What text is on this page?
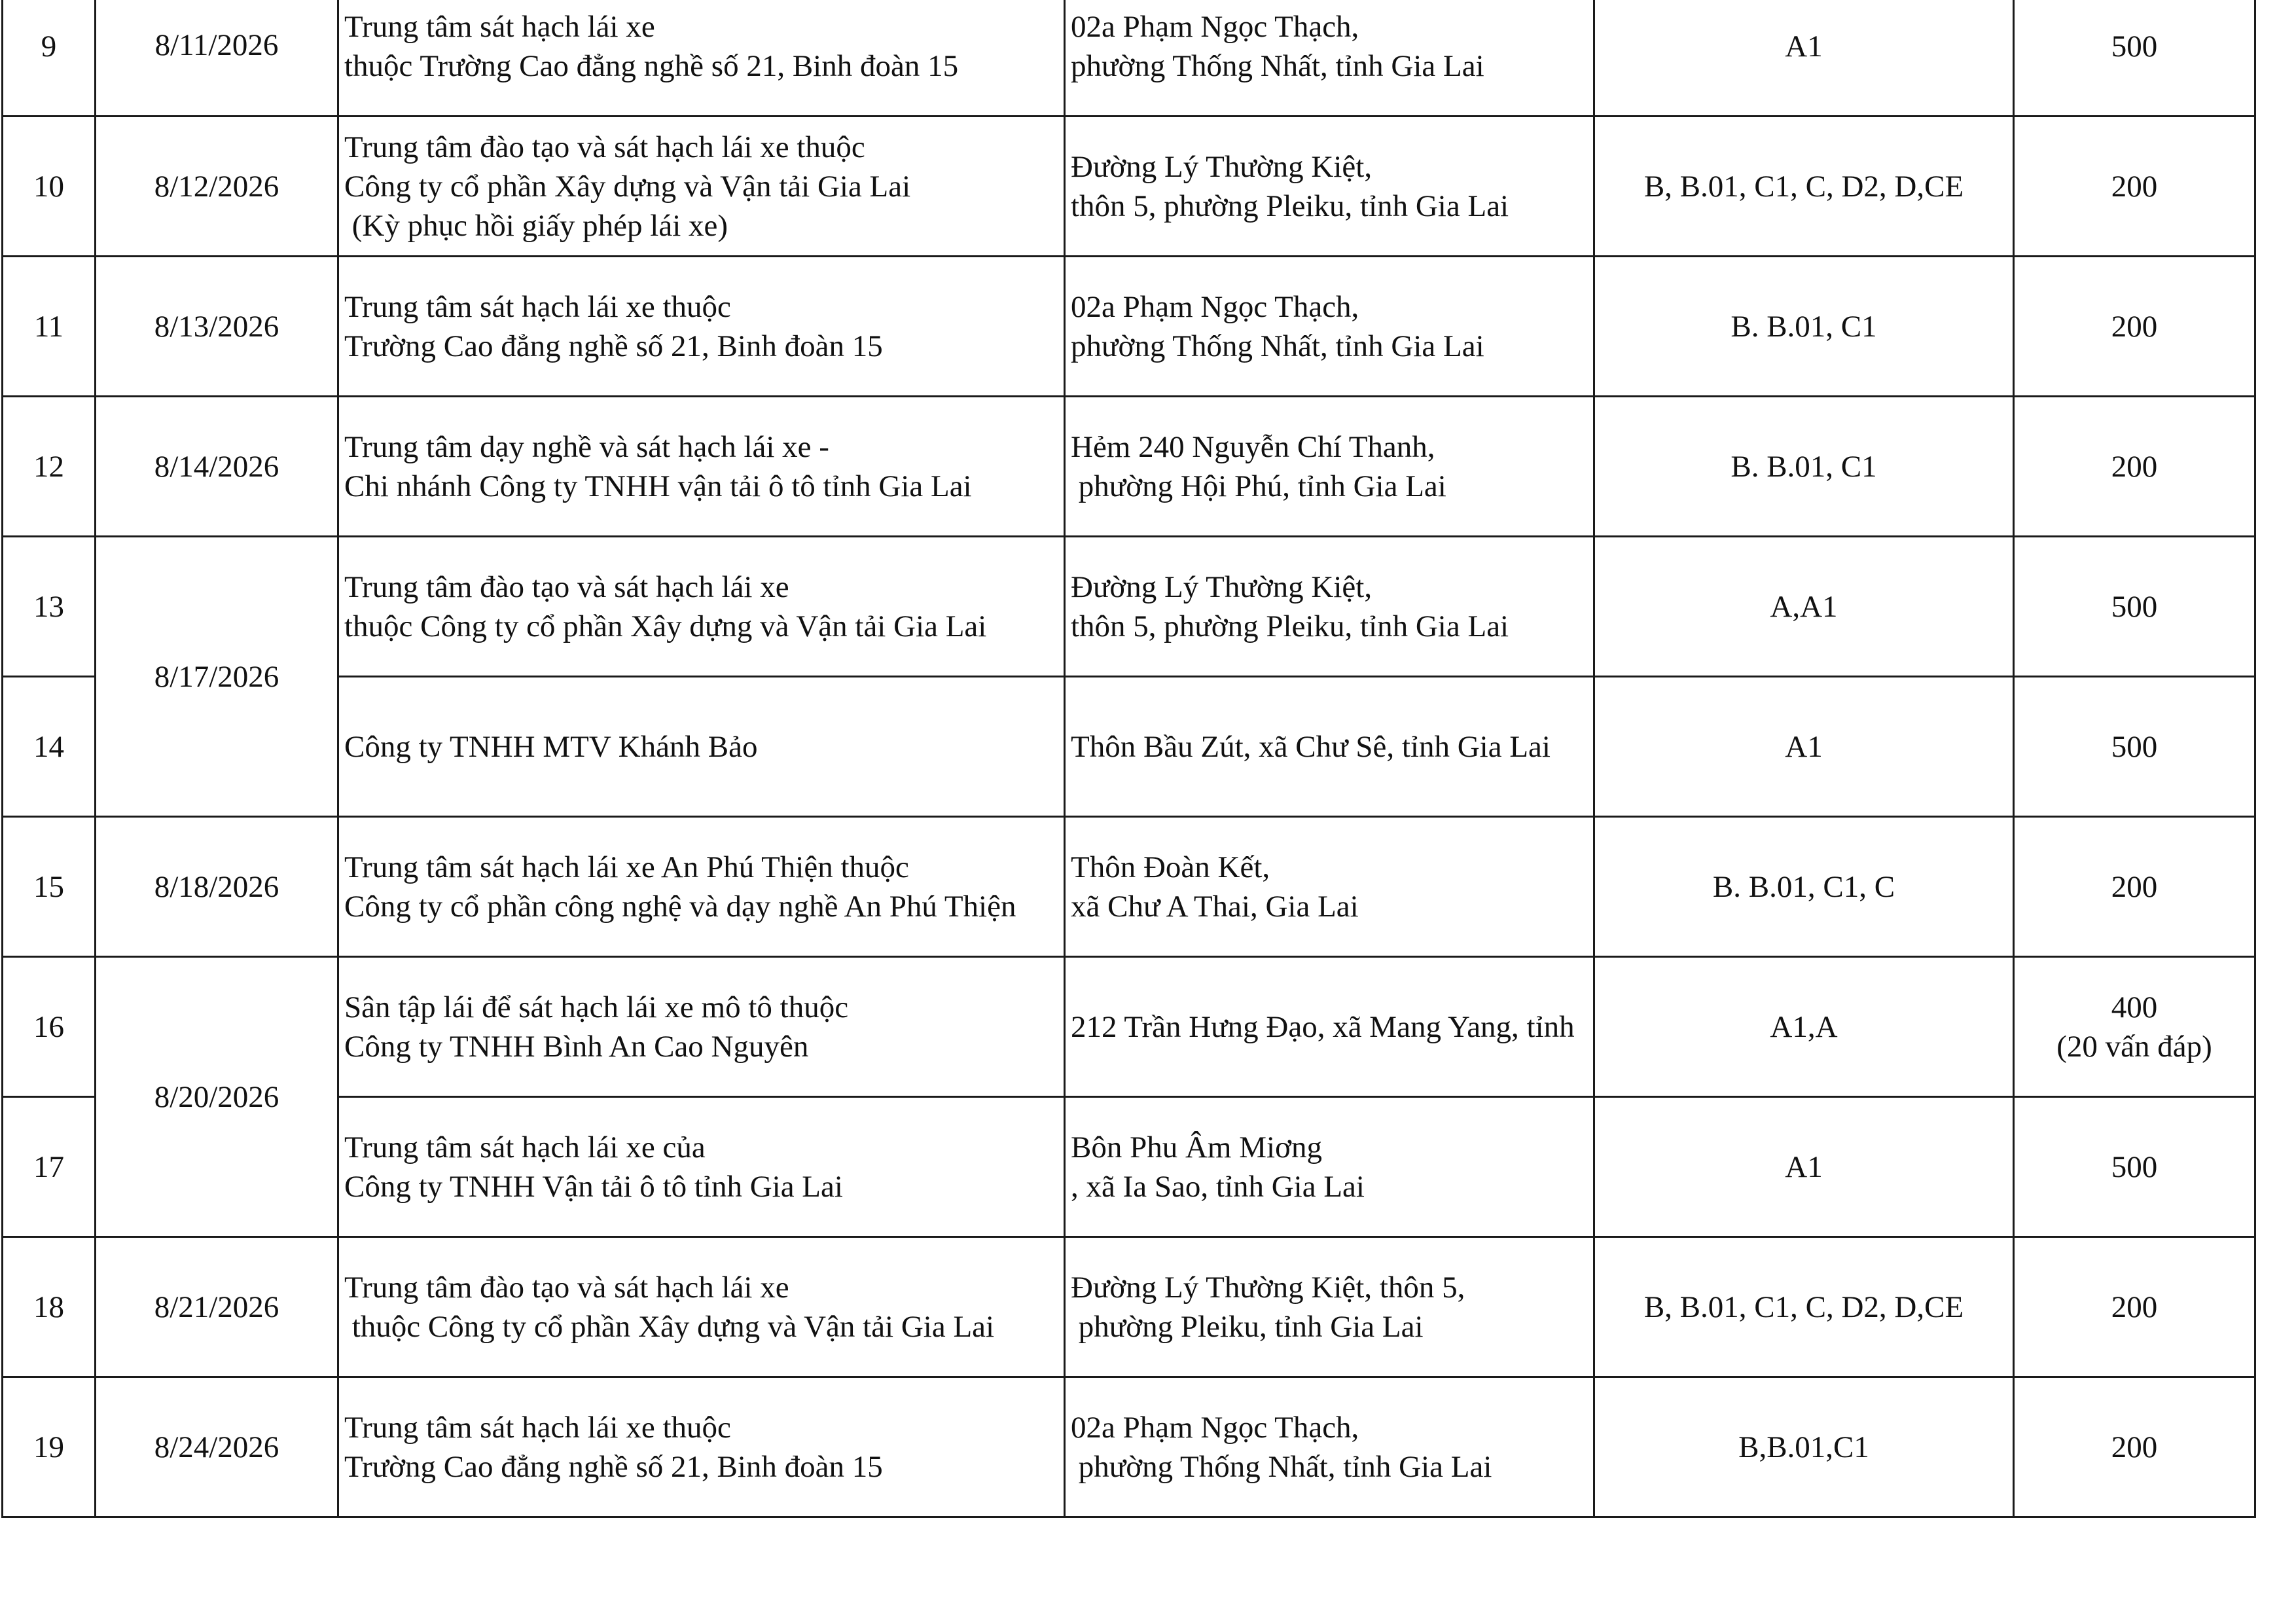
9	8/11/2026	Trung tâm sát hạch lái xe
thuộc Trường Cao đẳng nghề số 21, Binh đoàn 15	02a Phạm Ngọc Thạch,
phường Thống Nhất, tỉnh Gia Lai	A1	500

10	8/12/2026	Trung tâm đào tạo và sát hạch lái xe thuộc
Công ty cổ phần Xây dựng và Vận tải Gia Lai
(Kỳ phục hồi giấy phép lái xe)	Đường Lý Thường Kiệt,
thôn 5, phường Pleiku, tỉnh Gia Lai	B, B.01, C1, C, D2, D,CE	200

11	8/13/2026	Trung tâm sát hạch lái xe thuộc
Trường Cao đẳng nghề số 21, Binh đoàn 15	02a Phạm Ngọc Thạch,
phường Thống Nhất, tỉnh Gia Lai	B. B.01, C1	200

12	8/14/2026	Trung tâm dạy nghề và sát hạch lái xe -
Chi nhánh Công ty TNHH vận tải ô tô tỉnh Gia Lai	Hẻm 240 Nguyễn Chí Thanh,
phường Hội Phú, tỉnh Gia Lai	B. B.01, C1	200

13	8/17/2026	Trung tâm đào tạo và sát hạch lái xe
thuộc Công ty cổ phần Xây dựng và Vận tải Gia Lai	Đường Lý Thường Kiệt,
thôn 5, phường Pleiku, tỉnh Gia Lai	A,A1	500

14		Công ty TNHH MTV Khánh Bảo	Thôn Bầu Zút, xã Chư Sê, tỉnh Gia Lai	A1	500

15	8/18/2026	Trung tâm sát hạch lái xe An Phú Thiện thuộc
Công ty cổ phần công nghệ và dạy nghề An Phú Thiện	Thôn Đoàn Kết,
xã Chư A Thai, Gia Lai	B. B.01, C1, C	200

16	8/20/2026	Sân tập lái để sát hạch lái xe mô tô thuộc
Công ty TNHH Bình An Cao Nguyên	212 Trần Hưng Đạo, xã Mang Yang, tỉnh	A1,A	400
(20 vấn đáp)

17		Trung tâm sát hạch lái xe của
Công ty TNHH Vận tải ô tô tỉnh Gia Lai	Bôn Phu Âm Miơng
, xã Ia Sao, tỉnh Gia Lai	A1	500

18	8/21/2026	Trung tâm đào tạo và sát hạch lái xe
thuộc Công ty cổ phần Xây dựng và Vận tải Gia Lai	Đường Lý Thường Kiệt, thôn 5,
phường Pleiku, tỉnh Gia Lai	B, B.01, C1, C, D2, D,CE	200

19	8/24/2026	Trung tâm sát hạch lái xe thuộc
Trường Cao đẳng nghề số 21, Binh đoàn 15	02a Phạm Ngọc Thạch,
phường Thống Nhất, tỉnh Gia Lai	B,B.01,C1	200
